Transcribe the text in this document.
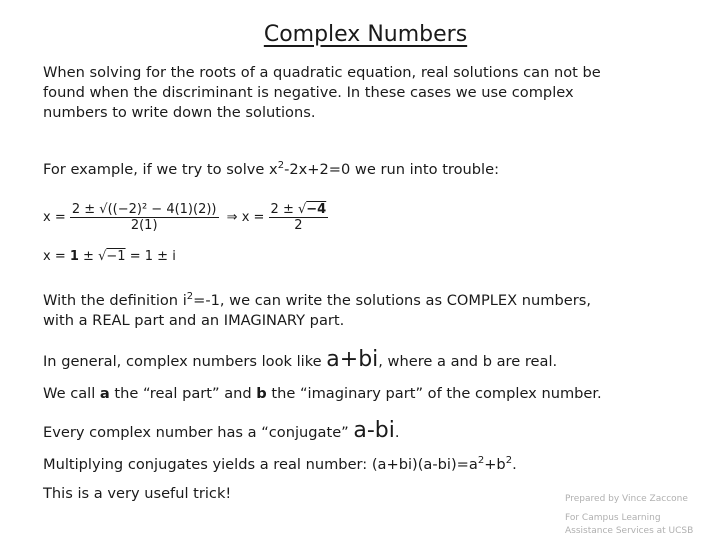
Complex Numbers
When solving for the roots of a quadratic equation, real solutions can not be
found when the discriminant is negative. In these cases we use complex
numbers to write down the solutions.
For example, if we try to solve $x^2-2x+2=0$ we run into trouble:
$x = \frac{\text{2 ± √((−2)² − 4(1)(2))}}{2(1)}$ ⇒ $x = \frac{2 \pm √-4}{2}$
x = 1 ± √−1 = 1 ± i
With the definition $i^2=-1$, we can write the solutions as COMPLEX numbers,
with a REAL part and an IMAGINARY part.
In general, complex numbers look like a+bi, where a and b are real.
We call a the “real part” and b the “imaginary part” of the complex number.
Every complex number has a “conjugate” a-bi.
Multiplying conjugates yields a real number: $(a+bi)(a-bi)=a^2+b^2$.
This is a very useful trick!	Prepared by Vince Zaccone
For Campus Learning
Assistance Services at UCSB
